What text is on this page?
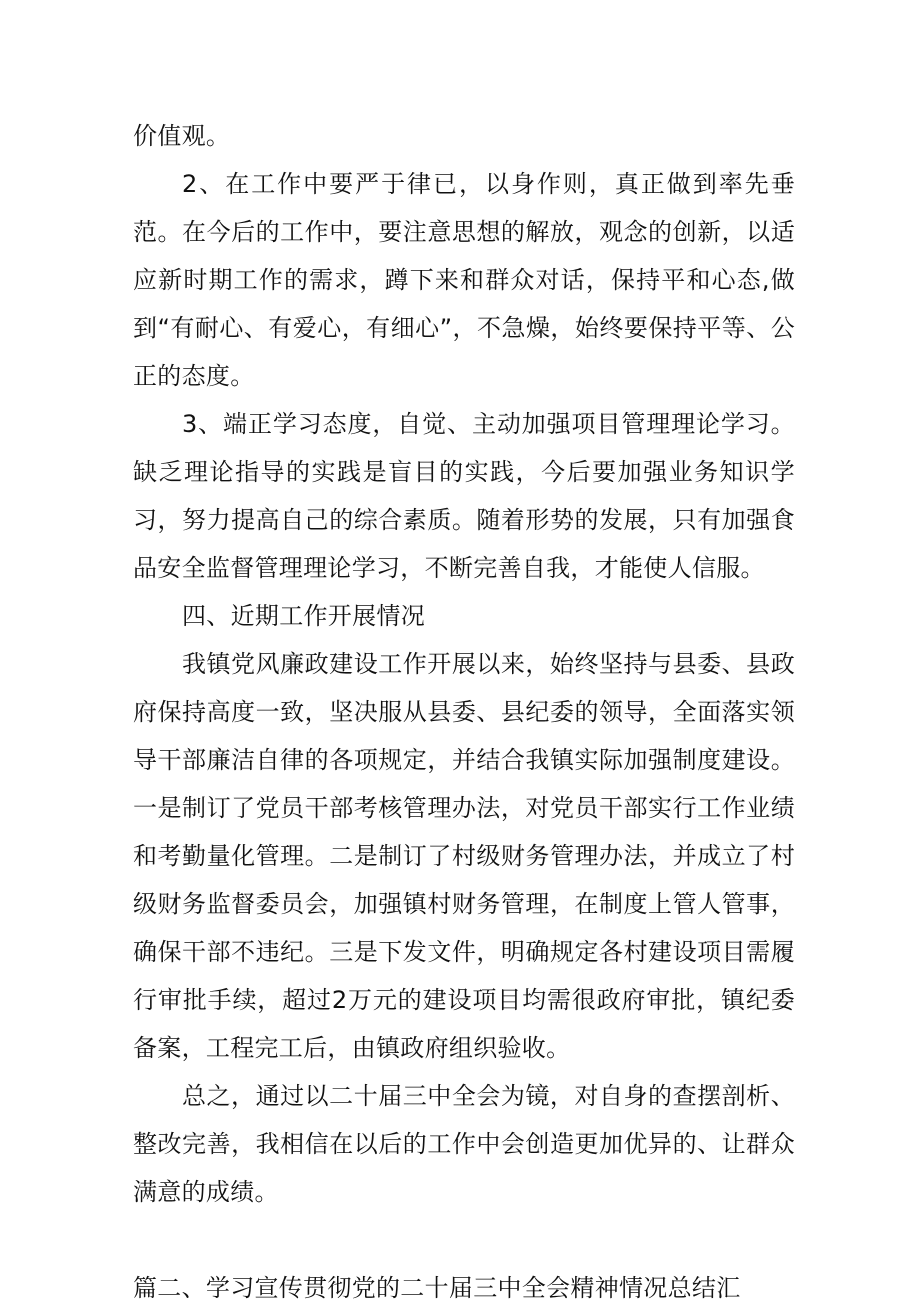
价值观。

2、在工作中要严于律已，以身作则，真正做到率先垂范。在今后的工作中，要注意思想的解放，观念的创新，以适应新时期工作的需求，蹲下来和群众对话，保持平和心态,做到“有耐心、有爱心，有细心”，不急燥，始终要保持平等、公正的态度。

3、端正学习态度，自觉、主动加强项目管理理论学习。缺乏理论指导的实践是盲目的实践，今后要加强业务知识学习，努力提高自己的综合素质。随着形势的发展，只有加强食品安全监督管理理论学习，不断完善自我，才能使人信服。

四、近期工作开展情况

我镇党风廉政建设工作开展以来，始终坚持与县委、县政府保持高度一致，坚决服从县委、县纪委的领导，全面落实领导干部廉洁自律的各项规定，并结合我镇实际加强制度建设。一是制订了党员干部考核管理办法，对党员干部实行工作业绩和考勤量化管理。二是制订了村级财务管理办法，并成立了村级财务监督委员会，加强镇村财务管理，在制度上管人管事，确保干部不违纪。三是下发文件，明确规定各村建设项目需履行审批手续，超过2万元的建设项目均需很政府审批，镇纪委备案，工程完工后，由镇政府组织验收。

总之，通过以二十届三中全会为镜，对自身的查摆剖析、整改完善，我相信在以后的工作中会创造更加优异的、让群众满意的成绩。

篇二、学习宣传贯彻党的二十届三中全会精神情况总结汇
